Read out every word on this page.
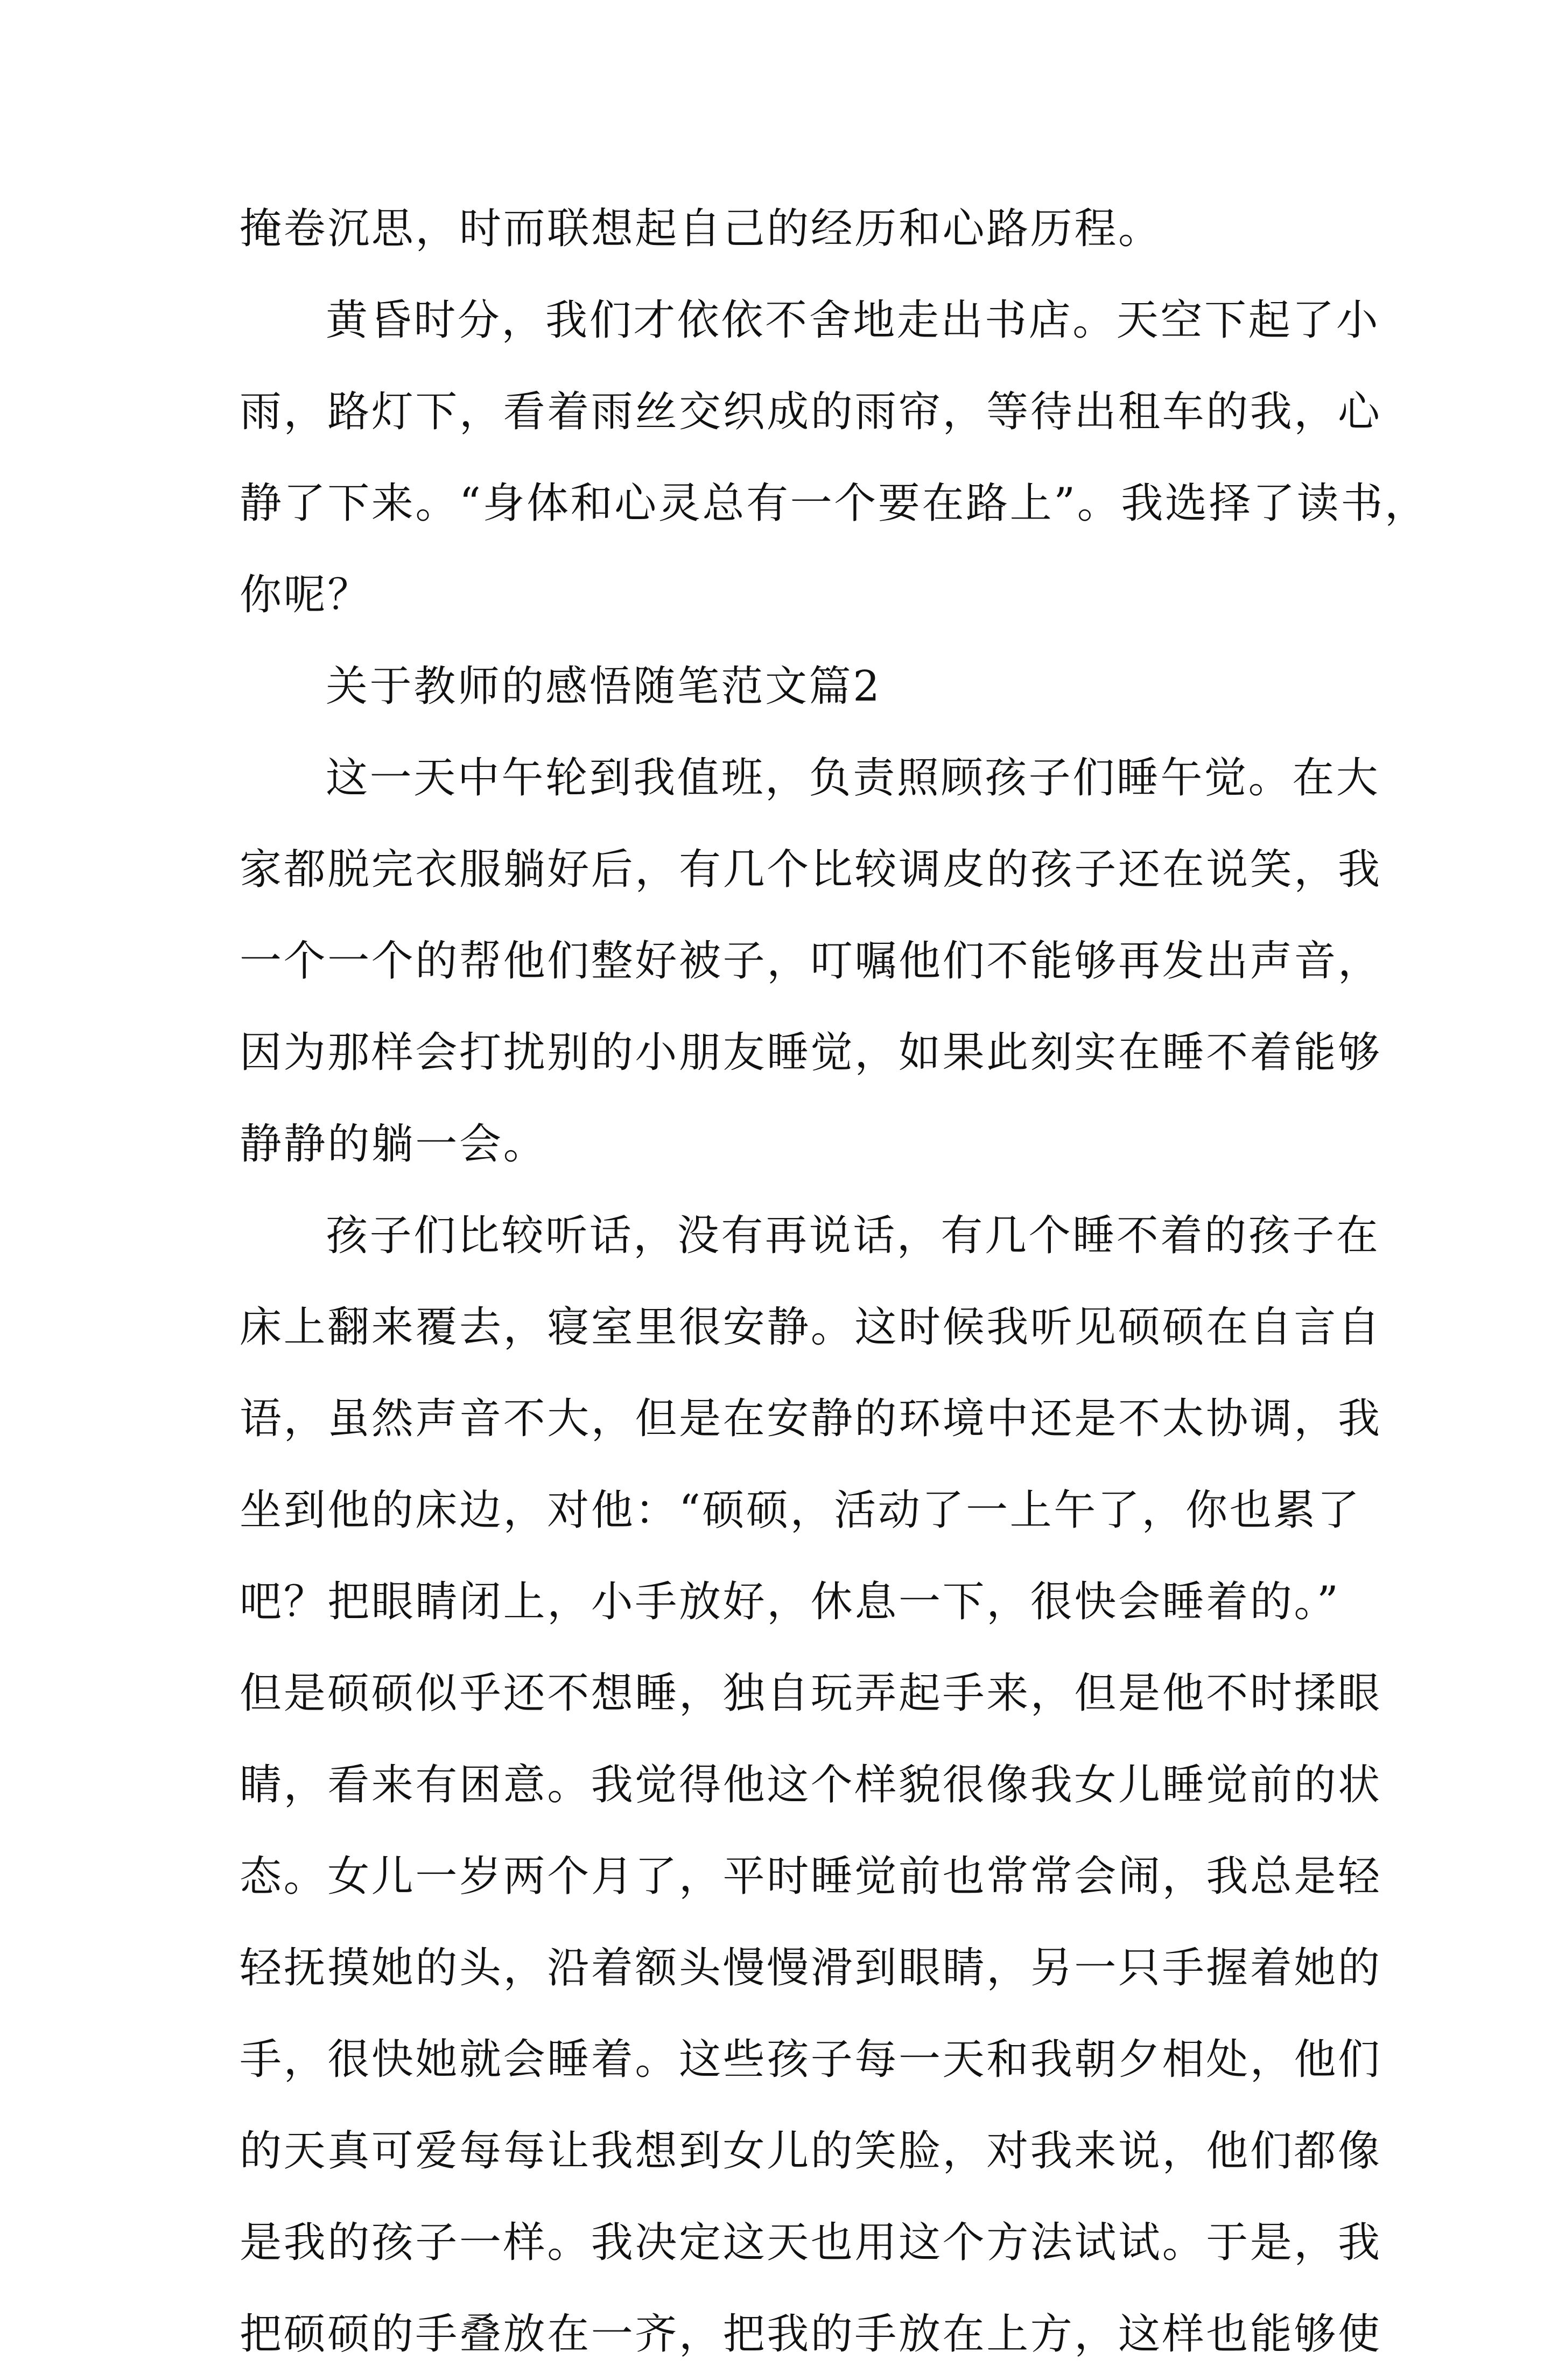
掩卷沉思，时而联想起自己的经历和心路历程。
黄昏时分，我们才依依不舍地走出书店。天空下起了小
雨，路灯下，看着雨丝交织成的雨帘，等待出租车的我，心
静了下来。“身体和心灵总有一个要在路上”。我选择了读书，
你呢？
关于教师的感悟随笔范文篇2
这一天中午轮到我值班，负责照顾孩子们睡午觉。在大
家都脱完衣服躺好后，有几个比较调皮的孩子还在说笑，我
一个一个的帮他们整好被子，叮嘱他们不能够再发出声音，
因为那样会打扰别的小朋友睡觉，如果此刻实在睡不着能够
静静的躺一会。
孩子们比较听话，没有再说话，有几个睡不着的孩子在
床上翻来覆去，寝室里很安静。这时候我听见硕硕在自言自
语，虽然声音不大，但是在安静的环境中还是不太协调，我
坐到他的床边，对他：“硕硕，活动了一上午了，你也累了
吧？把眼睛闭上，小手放好，休息一下，很快会睡着的。”
但是硕硕似乎还不想睡，独自玩弄起手来，但是他不时揉眼
睛，看来有困意。我觉得他这个样貌很像我女儿睡觉前的状
态。女儿一岁两个月了，平时睡觉前也常常会闹，我总是轻
轻抚摸她的头，沿着额头慢慢滑到眼睛，另一只手握着她的
手，很快她就会睡着。这些孩子每一天和我朝夕相处，他们
的天真可爱每每让我想到女儿的笑脸，对我来说，他们都像
是我的孩子一样。我决定这天也用这个方法试试。于是，我
把硕硕的手叠放在一齐，把我的手放在上方，这样也能够使
